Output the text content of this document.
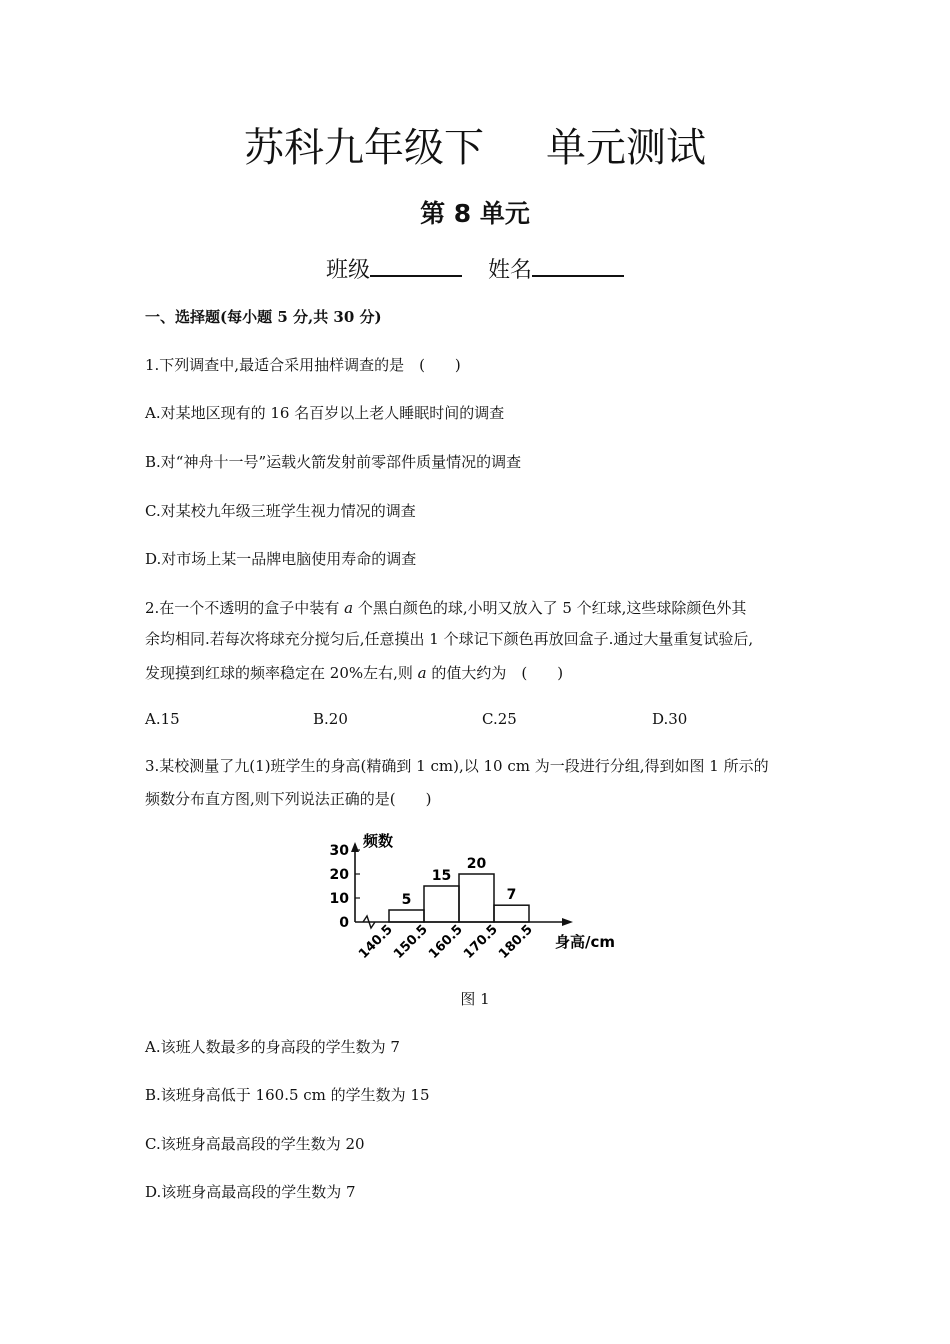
苏科九年级下 单元测试
第 8 单元
班级	姓名
一、选择题(每小题 5 分,共 30 分)
1.下列调查中,最适合采用抽样调查的是　(　　)
A.对某地区现有的 16 名百岁以上老人睡眠时间的调查
B.对“神舟十一号”运载火箭发射前零部件质量情况的调查
C.对某校九年级三班学生视力情况的调查
D.对市场上某一品牌电脑使用寿命的调查
2.在一个不透明的盒子中装有 a 个黑白颜色的球,小明又放入了 5 个红球,这些球除颜色外其
余均相同.若每次将球充分搅匀后,任意摸出 1 个球记下颜色再放回盒子.通过大量重复试验后,
发现摸到红球的频率稳定在 20%左右,则 a 的值大约为　(　　)
A.15	B.20	C.25	D.30
3.某校测量了九(1)班学生的身高(精确到 1 cm),以 10 cm 为一段进行分组,得到如图 1 所示的
频数分布直方图,则下列说法正确的是(　　)
0
10
20
30
频数
5
15
20
7
140.5
150.5
160.5
170.5
180.5 身高/cm
图 1
A.该班人数最多的身高段的学生数为 7
B.该班身高低于 160.5 cm 的学生数为 15
C.该班身高最高段的学生数为 20
D.该班身高最高段的学生数为 7
